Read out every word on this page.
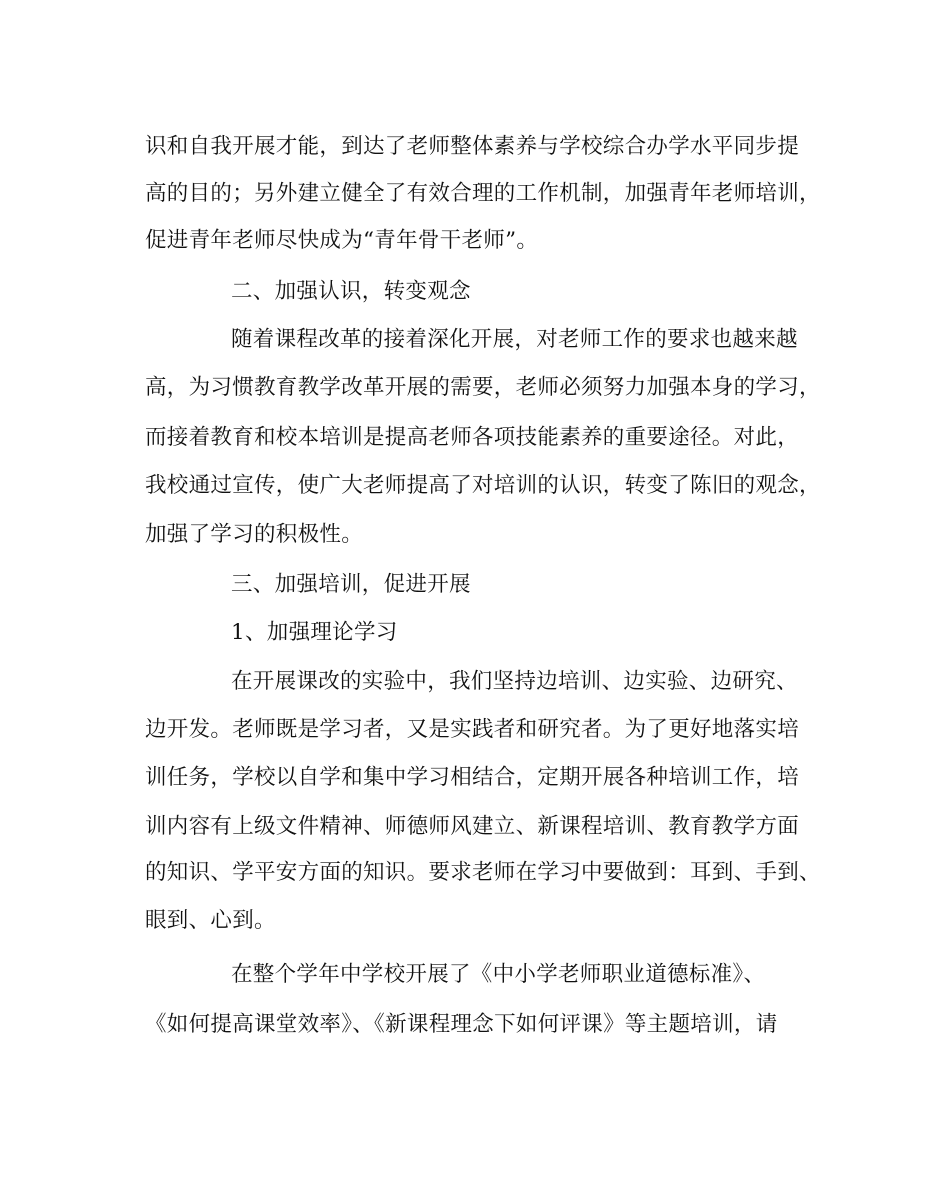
识和自我开展才能，到达了老师整体素养与学校综合办学水平同步提
高的目的；另外建立健全了有效合理的工作机制，加强青年老师培训，
促进青年老师尽快成为“青年骨干老师”。
二、加强认识，转变观念
随着课程改革的接着深化开展，对老师工作的要求也越来越
高，为习惯教育教学改革开展的需要，老师必须努力加强本身的学习，
而接着教育和校本培训是提高老师各项技能素养的重要途径。对此，
我校通过宣传，使广大老师提高了对培训的认识，转变了陈旧的观念，
加强了学习的积极性。
三、加强培训，促进开展
1、加强理论学习
在开展课改的实验中，我们坚持边培训、边实验、边研究、
边开发。老师既是学习者，又是实践者和研究者。为了更好地落实培
训任务，学校以自学和集中学习相结合，定期开展各种培训工作，培
训内容有上级文件精神、师德师风建立、新课程培训、教育教学方面
的知识、学平安方面的知识。要求老师在学习中要做到：耳到、手到、
眼到、心到。
在整个学年中学校开展了《中小学老师职业道德标准》、
《如何提高课堂效率》、《新课程理念下如何评课》等主题培训，请
